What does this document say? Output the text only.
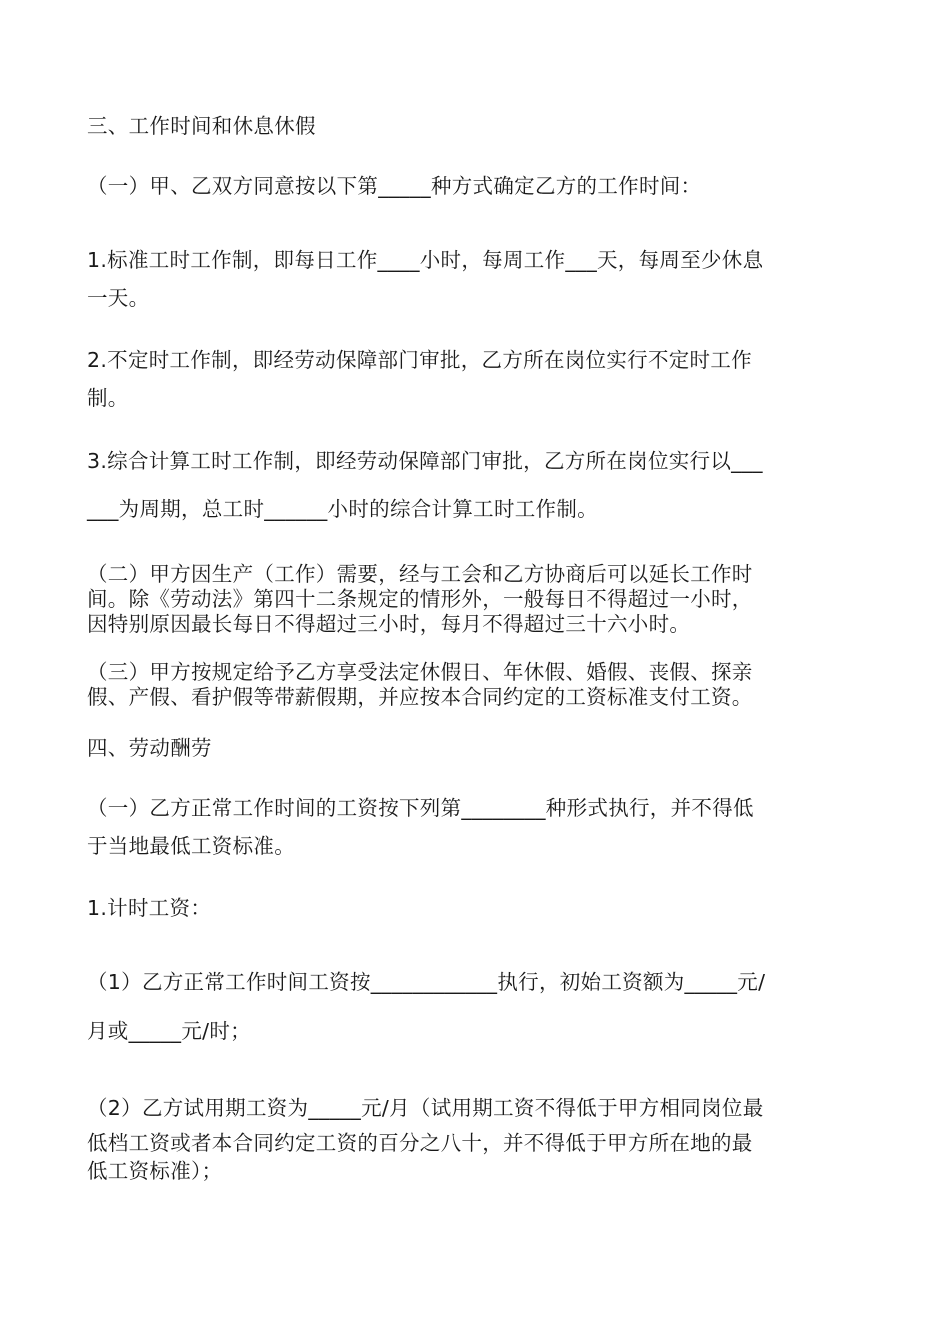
三、工作时间和休息休假
（一）甲、乙双方同意按以下第_____种方式确定乙方的工作时间：
1.标准工时工作制，即每日工作____小时，每周工作___天，每周至少休息
一天。
2.不定时工作制，即经劳动保障部门审批，乙方所在岗位实行不定时工作
制。
3.综合计算工时工作制，即经劳动保障部门审批，乙方所在岗位实行以___
___为周期，总工时______小时的综合计算工时工作制。
（二）甲方因生产（工作）需要，经与工会和乙方协商后可以延长工作时
间。除《劳动法》第四十二条规定的情形外，一般每日不得超过一小时，
因特别原因最长每日不得超过三小时，每月不得超过三十六小时。
（三）甲方按规定给予乙方享受法定休假日、年休假、婚假、丧假、探亲
假、产假、看护假等带薪假期，并应按本合同约定的工资标准支付工资。
四、劳动酬劳
（一）乙方正常工作时间的工资按下列第________种形式执行，并不得低
于当地最低工资标准。
1.计时工资：
（1）乙方正常工作时间工资按____________执行，初始工资额为_____元/
月或_____元/时；
（2）乙方试用期工资为_____元/月（试用期工资不得低于甲方相同岗位最
低档工资或者本合同约定工资的百分之八十，并不得低于甲方所在地的最
低工资标准）；
